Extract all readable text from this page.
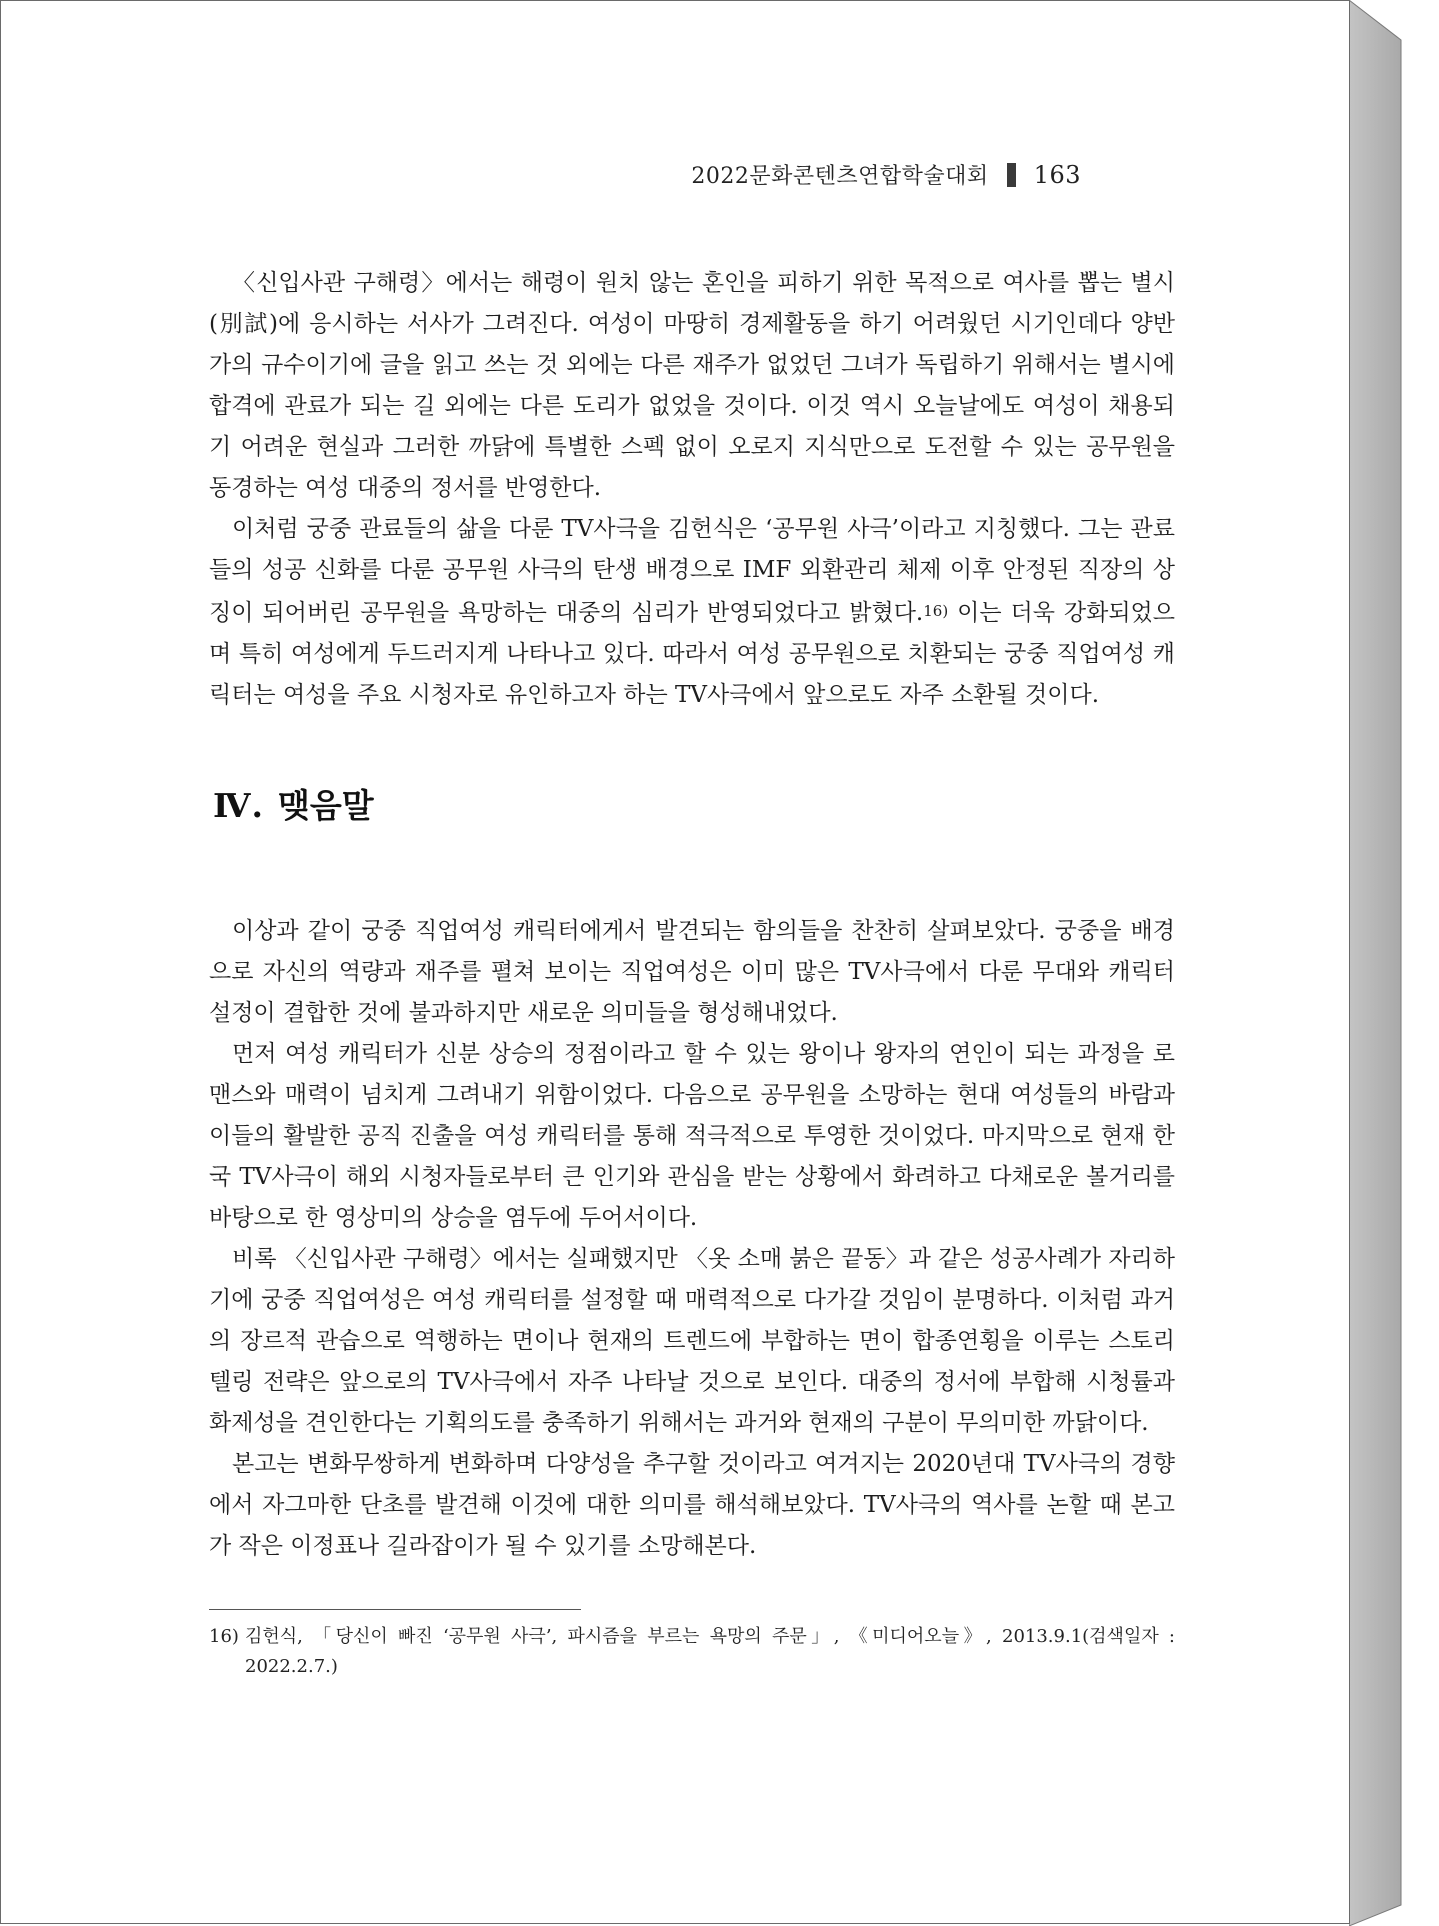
2022문화콘텐츠연합학술대회 163

〈신입사관 구해령〉에서는 해령이 원치 않는 혼인을 피하기 위한 목적으로 여사를 뽑는 별시(別試)에 응시하는 서사가 그려진다. 여성이 마땅히 경제활동을 하기 어려웠던 시기인데다 양반가의 규수이기에 글을 읽고 쓰는 것 외에는 다른 재주가 없었던 그녀가 독립하기 위해서는 별시에 합격에 관료가 되는 길 외에는 다른 도리가 없었을 것이다. 이것 역시 오늘날에도 여성이 채용되기 어려운 현실과 그러한 까닭에 특별한 스펙 없이 오로지 지식만으로 도전할 수 있는 공무원을 동경하는 여성 대중의 정서를 반영한다.

이처럼 궁중 관료들의 삶을 다룬 TV사극을 김헌식은 ‘공무원 사극’이라고 지칭했다. 그는 관료들의 성공 신화를 다룬 공무원 사극의 탄생 배경으로 IMF 외환관리 체제 이후 안정된 직장의 상징이 되어버린 공무원을 욕망하는 대중의 심리가 반영되었다고 밝혔다.$^{16)}$ 이는 더욱 강화되었으며 특히 여성에게 두드러지게 나타나고 있다. 따라서 여성 공무원으로 치환되는 궁중 직업여성 캐릭터는 여성을 주요 시청자로 유인하고자 하는 TV사극에서 앞으로도 자주 소환될 것이다.

Ⅳ. 맺음말

이상과 같이 궁중 직업여성 캐릭터에게서 발견되는 함의들을 찬찬히 살펴보았다. 궁중을 배경으로 자신의 역량과 재주를 펼쳐 보이는 직업여성은 이미 많은 TV사극에서 다룬 무대와 캐릭터 설정이 결합한 것에 불과하지만 새로운 의미들을 형성해내었다.

먼저 여성 캐릭터가 신분 상승의 정점이라고 할 수 있는 왕이나 왕자의 연인이 되는 과정을 로맨스와 매력이 넘치게 그려내기 위함이었다. 다음으로 공무원을 소망하는 현대 여성들의 바람과 이들의 활발한 공직 진출을 여성 캐릭터를 통해 적극적으로 투영한 것이었다. 마지막으로 현재 한국 TV사극이 해외 시청자들로부터 큰 인기와 관심을 받는 상황에서 화려하고 다채로운 볼거리를 바탕으로 한 영상미의 상승을 염두에 두어서이다.

비록 〈신입사관 구해령〉에서는 실패했지만 〈옷 소매 붉은 끝동〉과 같은 성공사례가 자리하기에 궁중 직업여성은 여성 캐릭터를 설정할 때 매력적으로 다가갈 것임이 분명하다. 이처럼 과거의 장르적 관습으로 역행하는 면이나 현재의 트렌드에 부합하는 면이 합종연횡을 이루는 스토리텔링 전략은 앞으로의 TV사극에서 자주 나타날 것으로 보인다. 대중의 정서에 부합해 시청률과 화제성을 견인한다는 기획의도를 충족하기 위해서는 과거와 현재의 구분이 무의미한 까닭이다.

본고는 변화무쌍하게 변화하며 다양성을 추구할 것이라고 여겨지는 2020년대 TV사극의 경향에서 자그마한 단초를 발견해 이것에 대한 의미를 해석해보았다. TV사극의 역사를 논할 때 본고가 작은 이정표나 길라잡이가 될 수 있기를 소망해본다.

16) 김헌식, 「당신이 빠진 ‘공무원 사극’, 파시즘을 부르는 욕망의 주문」, 《미디어오늘》, 2013.9.1(검색일자 : 2022.2.7.)
